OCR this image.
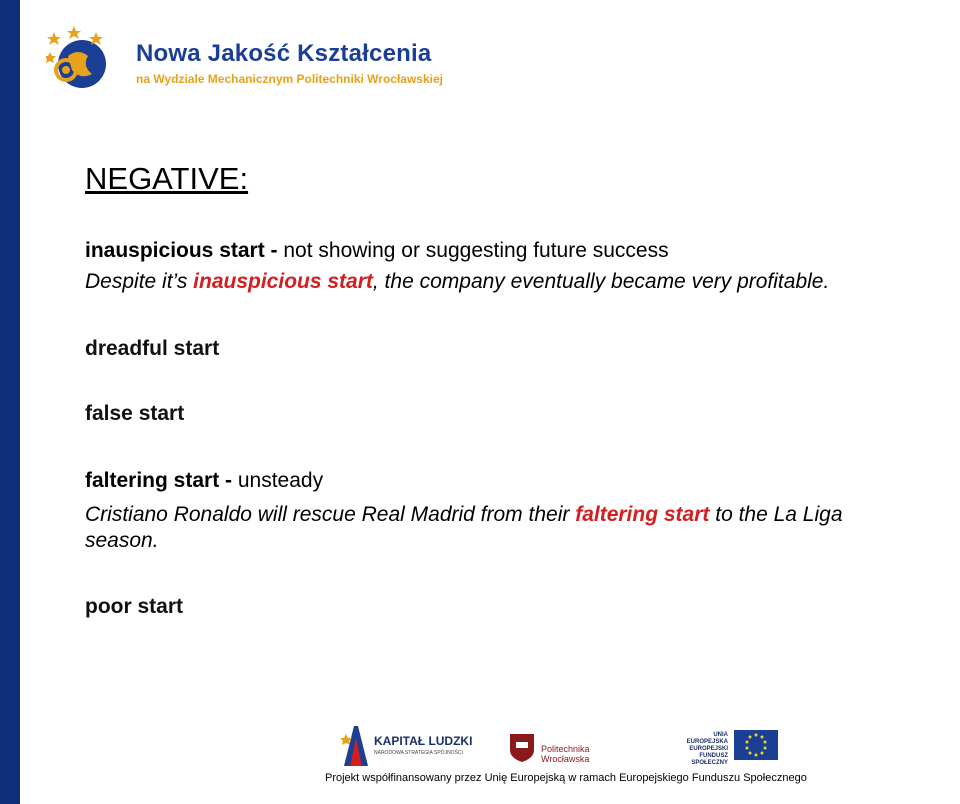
Nowa Jakość Kształcenia
na Wydziale Mechanicznym Politechniki Wrocławskiej
NEGATIVE:
inauspicious start - not showing or suggesting future success
Despite it’s inauspicious start, the company eventually became very profitable.
dreadful start
false start
faltering start - unsteady
Cristiano Ronaldo will rescue Real Madrid from their faltering start to the La Liga
season.
poor start
KAPITAŁ LUDZKI
NARODOWA STRATEGIA SPÓJNOŚCI	Politechnika Wrocławska
UNIA EUROPEJSKA EUROPEJSKI FUNDUSZ SPOŁECZNY
Projekt współfinansowany przez Unię Europejską w ramach Europejskiego Funduszu Społecznego
